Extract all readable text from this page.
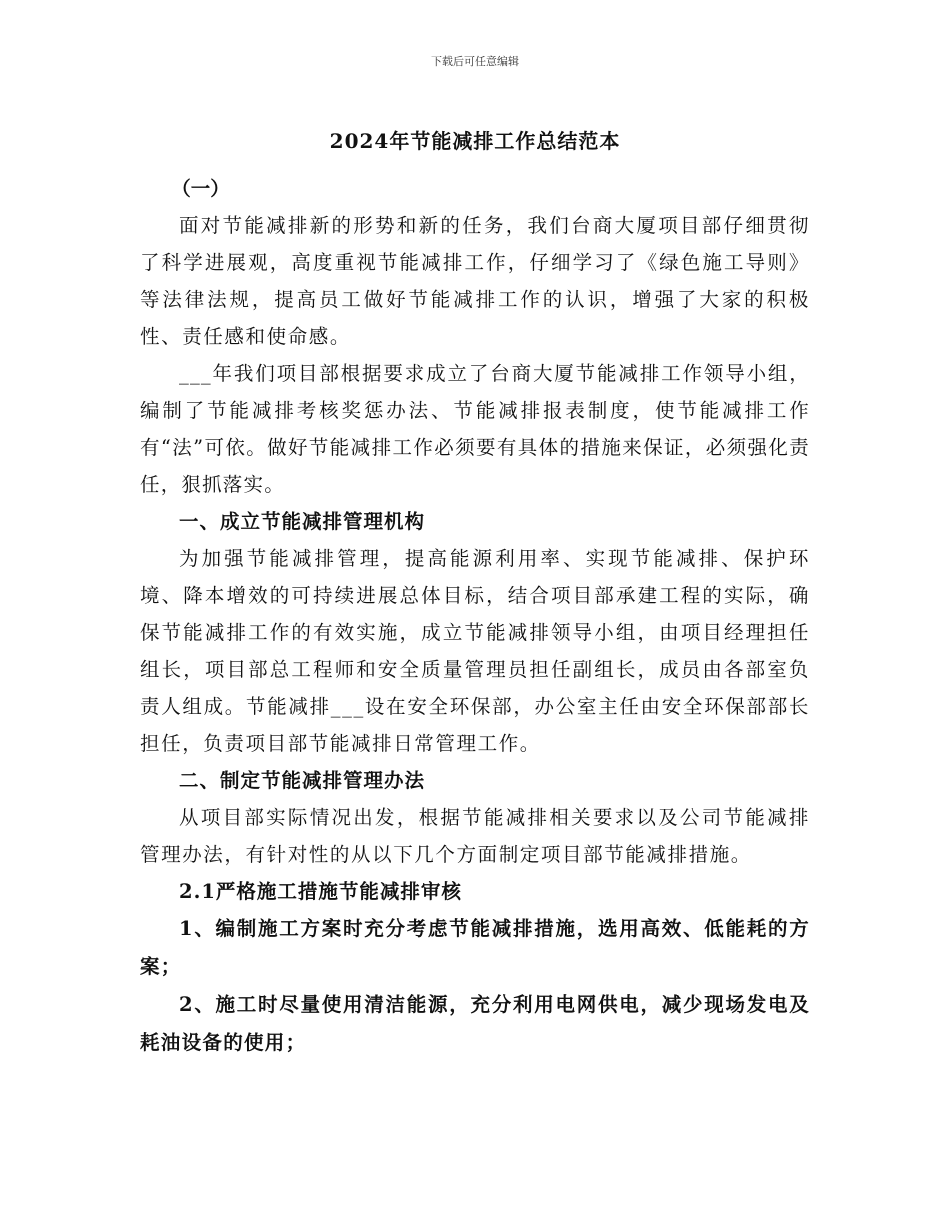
下载后可任意编辑
2024年节能减排工作总结范本

（一）

面对节能减排新的形势和新的任务，我们台商大厦项目部仔细贯彻了科学进展观，高度重视节能减排工作，仔细学习了《绿色施工导则》等法律法规，提高员工做好节能减排工作的认识，增强了大家的积极性、责任感和使命感。

___年我们项目部根据要求成立了台商大厦节能减排工作领导小组，编制了节能减排考核奖惩办法、节能减排报表制度，使节能减排工作有“法”可依。做好节能减排工作必须要有具体的措施来保证，必须强化责任，狠抓落实。

一、成立节能减排管理机构

为加强节能减排管理，提高能源利用率、实现节能减排、保护环境、降本增效的可持续进展总体目标，结合项目部承建工程的实际，确保节能减排工作的有效实施，成立节能减排领导小组，由项目经理担任组长，项目部总工程师和安全质量管理员担任副组长，成员由各部室负责人组成。节能减排___设在安全环保部，办公室主任由安全环保部部长担任，负责项目部节能减排日常管理工作。

二、制定节能减排管理办法

从项目部实际情况出发，根据节能减排相关要求以及公司节能减排管理办法，有针对性的从以下几个方面制定项目部节能减排措施。

2.1严格施工措施节能减排审核

1、编制施工方案时充分考虑节能减排措施，选用高效、低能耗的方案；

2、施工时尽量使用清洁能源，充分利用电网供电，减少现场发电及耗油设备的使用；
